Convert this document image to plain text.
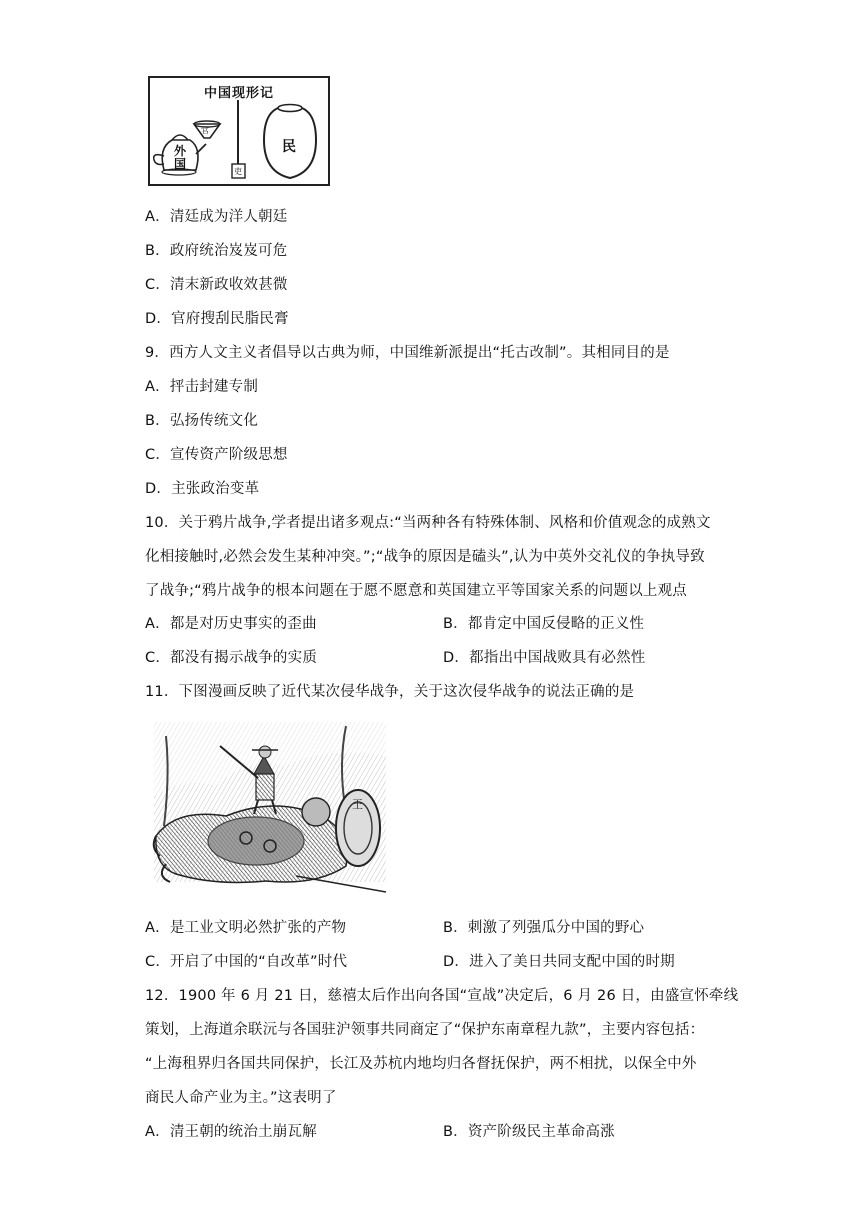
中国现形记
外国
官
吏
民
A．清廷成为洋人朝廷
B．政府统治岌岌可危
C．清末新政收效甚微
D．官府搜刮民脂民膏
9．西方人文主义者倡导以古典为师，中国维新派提出“托古改制”。其相同目的是
A．抨击封建专制
B．弘扬传统文化
C．宣传资产阶级思想
D．主张政治变革
10．关于鸦片战争,学者提出诸多观点:“当两种各有特殊体制、风格和价值观念的成熟文
化相接触时,必然会发生某种冲突。”;“战争的原因是磕头”,认为中英外交礼仪的争执导致
了战争;“鸦片战争的根本问题在于愿不愿意和英国建立平等国家关系的问题以上观点
A．都是对历史事实的歪曲	B．都肯定中国反侵略的正义性
C．都没有揭示战争的实质	D．都指出中国战败具有必然性
11．下图漫画反映了近代某次侵华战争，关于这次侵华战争的说法正确的是
王
A．是工业文明必然扩张的产物	B．刺激了列强瓜分中国的野心
C．开启了中国的“自改革”时代	D．进入了美日共同支配中国的时期
12．1900 年 6 月 21 日，慈禧太后作出向各国“宣战”决定后，6 月 26 日，由盛宣怀牵线
策划，上海道余联沅与各国驻沪领事共同商定了“保护东南章程九款”，主要内容包括：
“上海租界归各国共同保护，长江及苏杭内地均归各督抚保护，两不相扰，以保全中外
商民人命产业为主。”这表明了
A．清王朝的统治土崩瓦解	B．资产阶级民主革命高涨
